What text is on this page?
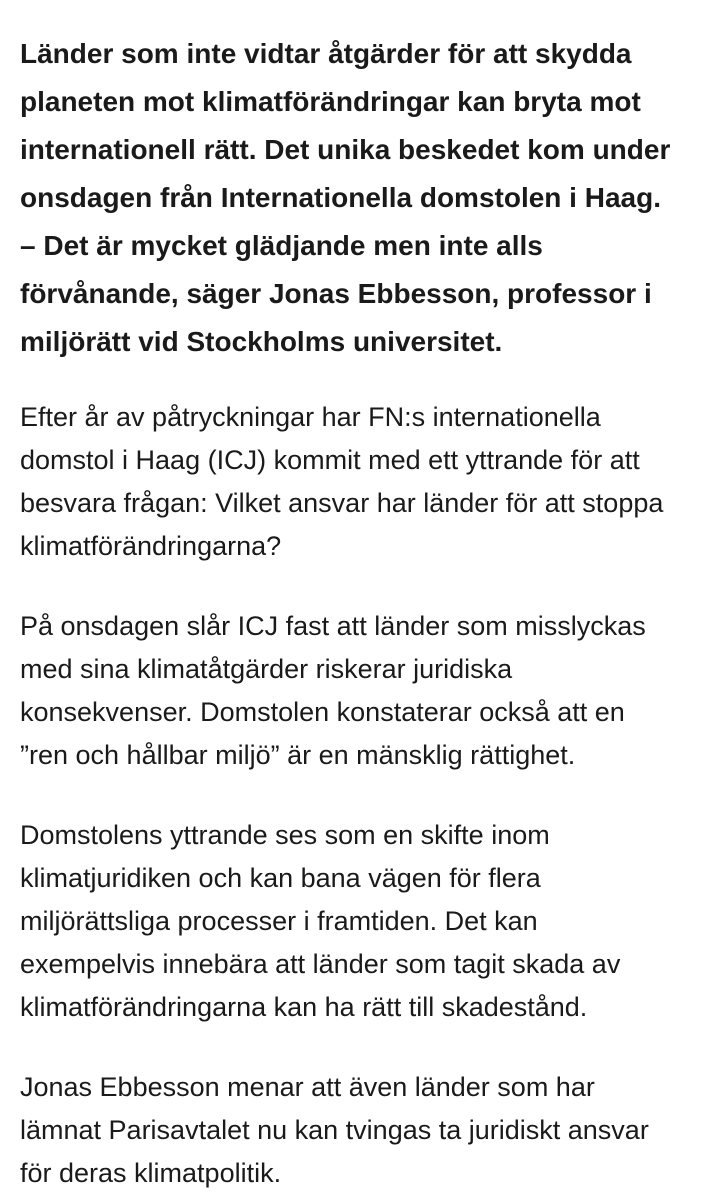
Länder som inte vidtar åtgärder för att skydda planeten mot klimatförändringar kan bryta mot internationell rätt. Det unika beskedet kom under onsdagen från Internationella domstolen i Haag.

– Det är mycket glädjande men inte alls förvånande, säger Jonas Ebbesson, professor i miljörätt vid Stockholms universitet.

Efter år av påtryckningar har FN:s internationella domstol i Haag (ICJ) kommit med ett yttrande för att besvara frågan: Vilket ansvar har länder för att stoppa klimatförändringarna?

På onsdagen slår ICJ fast att länder som misslyckas med sina klimatåtgärder riskerar juridiska konsekvenser. Domstolen konstaterar också att en ”ren och hållbar miljö” är en mänsklig rättighet.

Domstolens yttrande ses som en skifte inom klimatjuridiken och kan bana vägen för flera miljörättsliga processer i framtiden. Det kan exempelvis innebära att länder som tagit skada av klimatförändringarna kan ha rätt till skadestånd.

Jonas Ebbesson menar att även länder som har lämnat Parisavtalet nu kan tvingas ta juridiskt ansvar för deras klimatpolitik.
